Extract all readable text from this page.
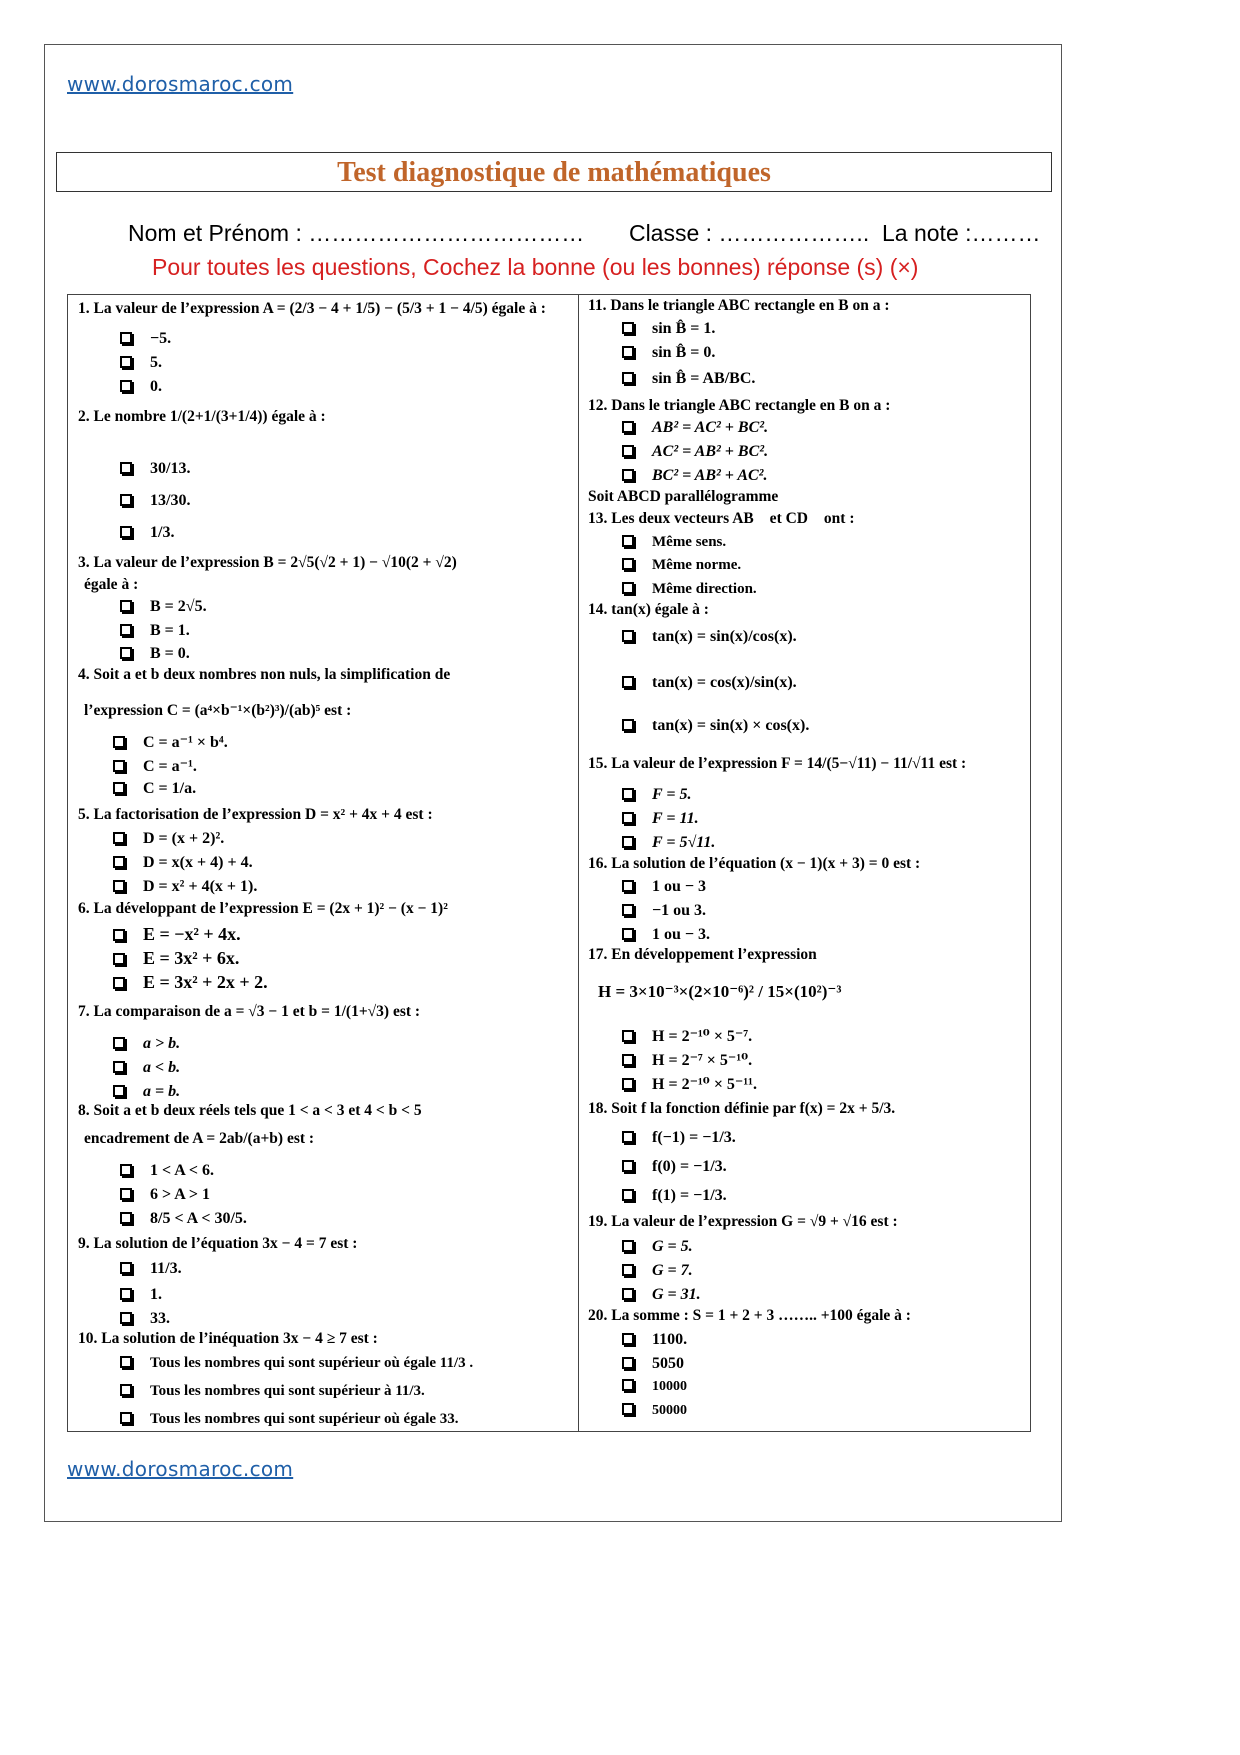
www.dorosmaroc.com
Test diagnostique de mathématiques
Nom et Prénom : ………………………………       Classe : ………………..  La note :………
Pour toutes les questions, Cochez la bonne (ou les bonnes) réponse (s) (×)
1. La valeur de l’expression A = (2/3 − 4 + 1/5) − (5/3 + 1 − 4/5) égale à :
−5.
5.
0.
2. Le nombre 1/(2+1/(3+1/4)) égale à :
30/13.
13/30.
1/3.
3. La valeur de l’expression B = 2√5(√2 + 1) − √10(2 + √2)
égale à :
B = 2√5.
B = 1.
B = 0.
4. Soit a et b deux nombres non nuls, la simplification de
l’expression C = (a⁴×b⁻¹×(b²)³)/(ab)⁵ est :
C = a⁻¹ × b⁴.
C = a⁻¹.
C = 1/a.
5. La factorisation de l’expression D = x² + 4x + 4 est :
D = (x + 2)².
D = x(x + 4) + 4.
D = x² + 4(x + 1).
6. La développant de l’expression E = (2x + 1)² − (x − 1)²
E = −x² + 4x.
E = 3x² + 6x.
E = 3x² + 2x + 2.
7. La comparaison de a = √3 − 1 et b = 1/(1+√3) est :
a > b.
a < b.
a = b.
8. Soit a et b deux réels tels que 1 < a < 3 et 4 < b < 5
encadrement de A = 2ab/(a+b) est :
1 < A < 6.
6 > A > 1
8/5 < A < 30/5.
9. La solution de l’équation 3x − 4 = 7 est :
11/3.
1.
33.
10. La solution de l’inéquation 3x − 4 ≥ 7 est :
Tous les nombres qui sont supérieur où égale 11/3 .
Tous les nombres qui sont supérieur à 11/3.
Tous les nombres qui sont supérieur où égale 33.
11. Dans le triangle ABC rectangle en B on a :
sin B̂ = 1.
sin B̂ = 0.
sin B̂ = AB/BC.
12. Dans le triangle ABC rectangle en B on a :
AB² = AC² + BC².
AC² = AB² + BC².
BC² = AB² + AC².
Soit ABCD parallélogramme
13. Les deux vecteurs AB⃗ et CD⃗ ont :
Même sens.
Même norme.
Même direction.
14. tan(x) égale à :
tan(x) = sin(x)/cos(x).
tan(x) = cos(x)/sin(x).
tan(x) = sin(x) × cos(x).
15. La valeur de l’expression F = 14/(5−√11) − 11/√11 est :
F = 5.
F = 11.
F = 5√11.
16. La solution de l’équation (x − 1)(x + 3) = 0 est :
1 ou − 3
−1 ou 3.
1 ou − 3.
17. En développement l’expression
H = 3×10⁻³×(2×10⁻⁶)² / 15×(10²)⁻³
H = 2⁻¹⁰ × 5⁻⁷.
H = 2⁻⁷ × 5⁻¹⁰.
H = 2⁻¹⁰ × 5⁻¹¹.
18. Soit f la fonction définie par f(x) = 2x + 5/3.
f(−1) = −1/3.
f(0) = −1/3.
f(1) = −1/3.
19. La valeur de l’expression G = √9 + √16 est :
G = 5.
G = 7.
G = 31.
20. La somme : S = 1 + 2 + 3 …….. +100 égale à :
1100.
5050
10000
50000
www.dorosmaroc.com
